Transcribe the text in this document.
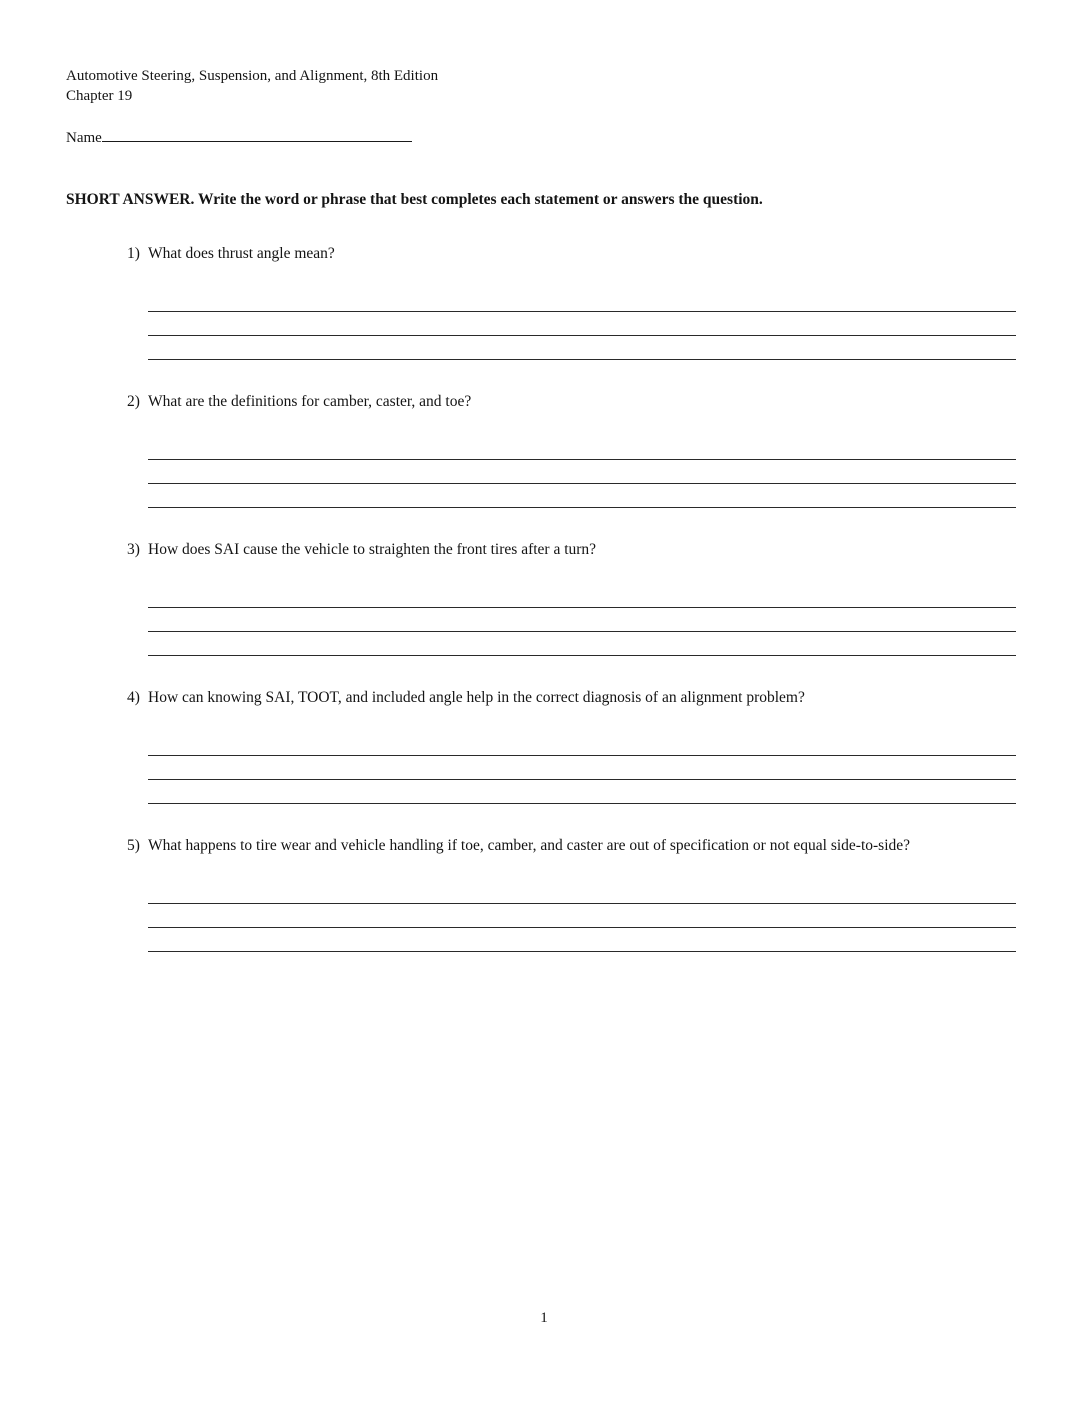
Automotive Steering, Suspension, and Alignment, 8th Edition
Chapter 19
Name
SHORT ANSWER. Write the word or phrase that best completes each statement or answers the question.
1) What does thrust angle mean?
2) What are the definitions for camber, caster, and toe?
3) How does SAI cause the vehicle to straighten the front tires after a turn?
4) How can knowing SAI, TOOT, and included angle help in the correct diagnosis of an alignment problem?
5) What happens to tire wear and vehicle handling if toe, camber, and caster are out of specification or not equal side-to-side?
1
